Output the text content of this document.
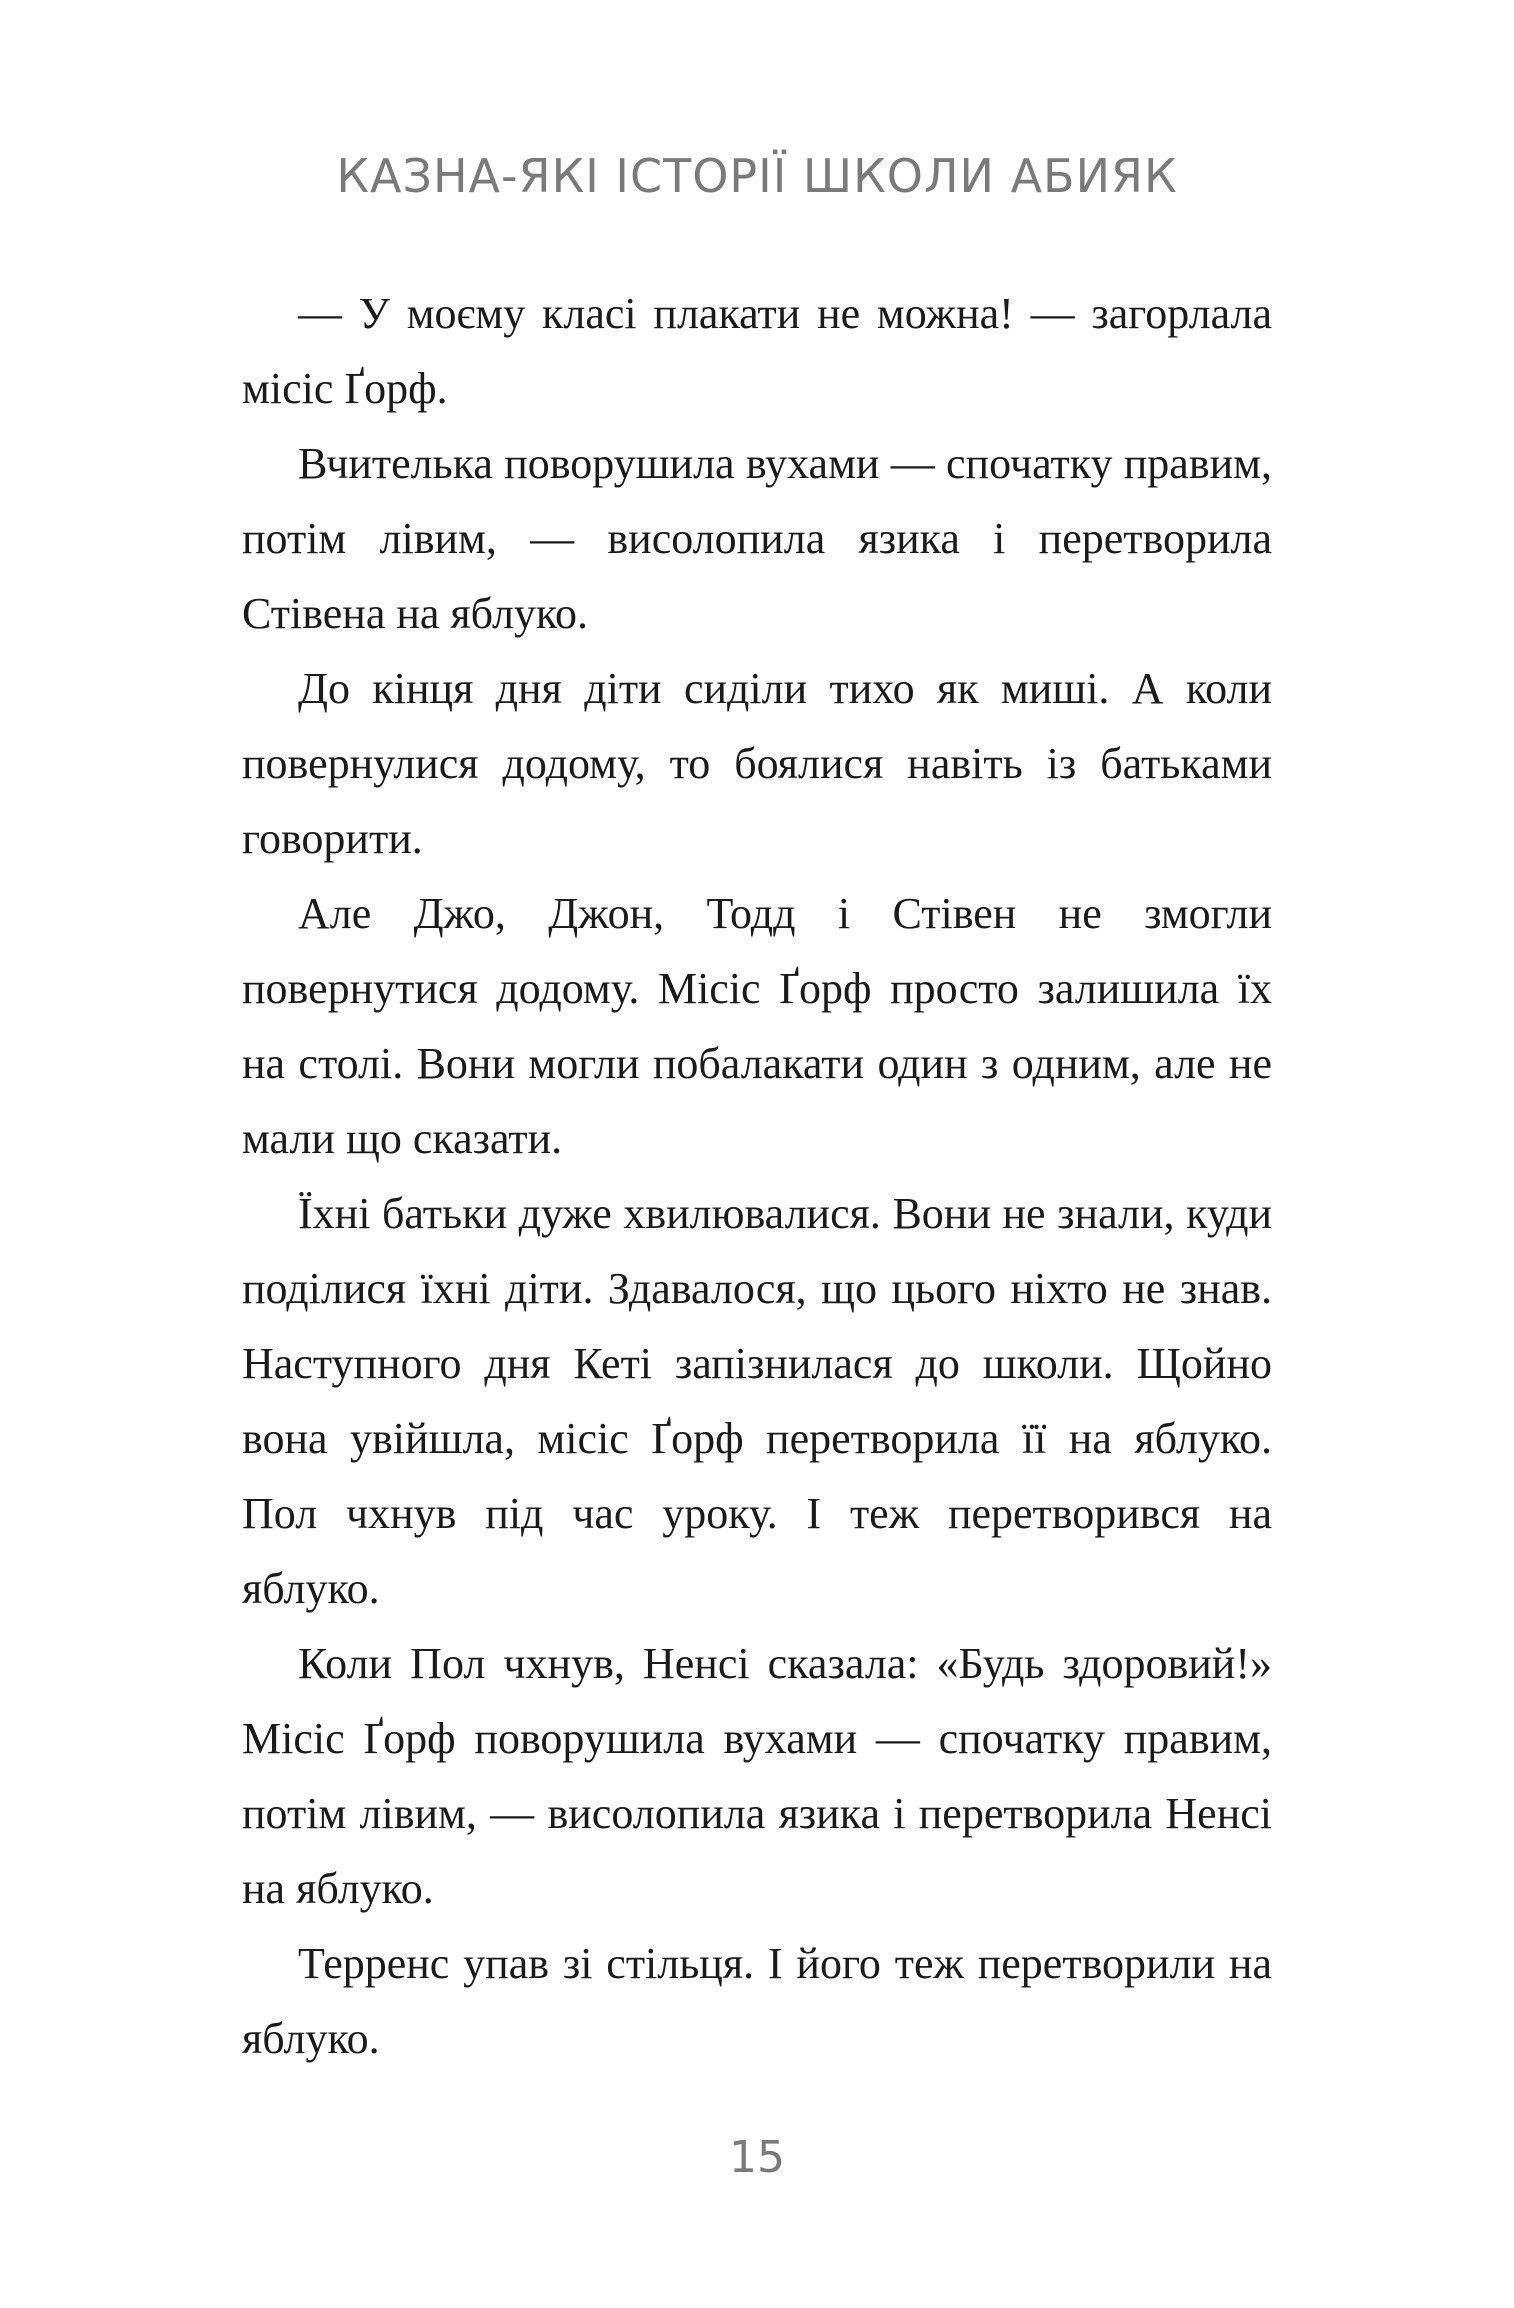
КАЗНА-ЯКІ ІСТОРІЇ ШКОЛИ АБИЯК

— У моєму класі плакати не можна! — загорлала місіс Ґорф.

Вчителька поворушила вухами — спочатку правим, потім лівим, — висолопила язика і перетворила Стівена на яблуко.

До кінця дня діти сиділи тихо як миші. А коли повернулися додому, то боялися навіть із батьками говорити.

Але Джо, Джон, Тодд і Стівен не змогли повернутися додому. Місіс Ґорф просто залишила їх на столі. Вони могли побалакати один з одним, але не мали що сказати.

Їхні батьки дуже хвилювалися. Вони не знали, куди поділися їхні діти. Здавалося, що цього ніхто не знав. Наступного дня Кеті запізнилася до школи. Щойно вона увійшла, місіс Ґорф перетворила її на яблуко. Пол чхнув під час уроку. І теж перетворився на яблуко.

Коли Пол чхнув, Ненсі сказала: «Будь здоровий!» Місіс Ґорф поворушила вухами — спочатку правим, потім лівим, — висолопила язика і перетворила Ненсі на яблуко.

Терренс упав зі стільця. І його теж перетворили на яблуко.

15
